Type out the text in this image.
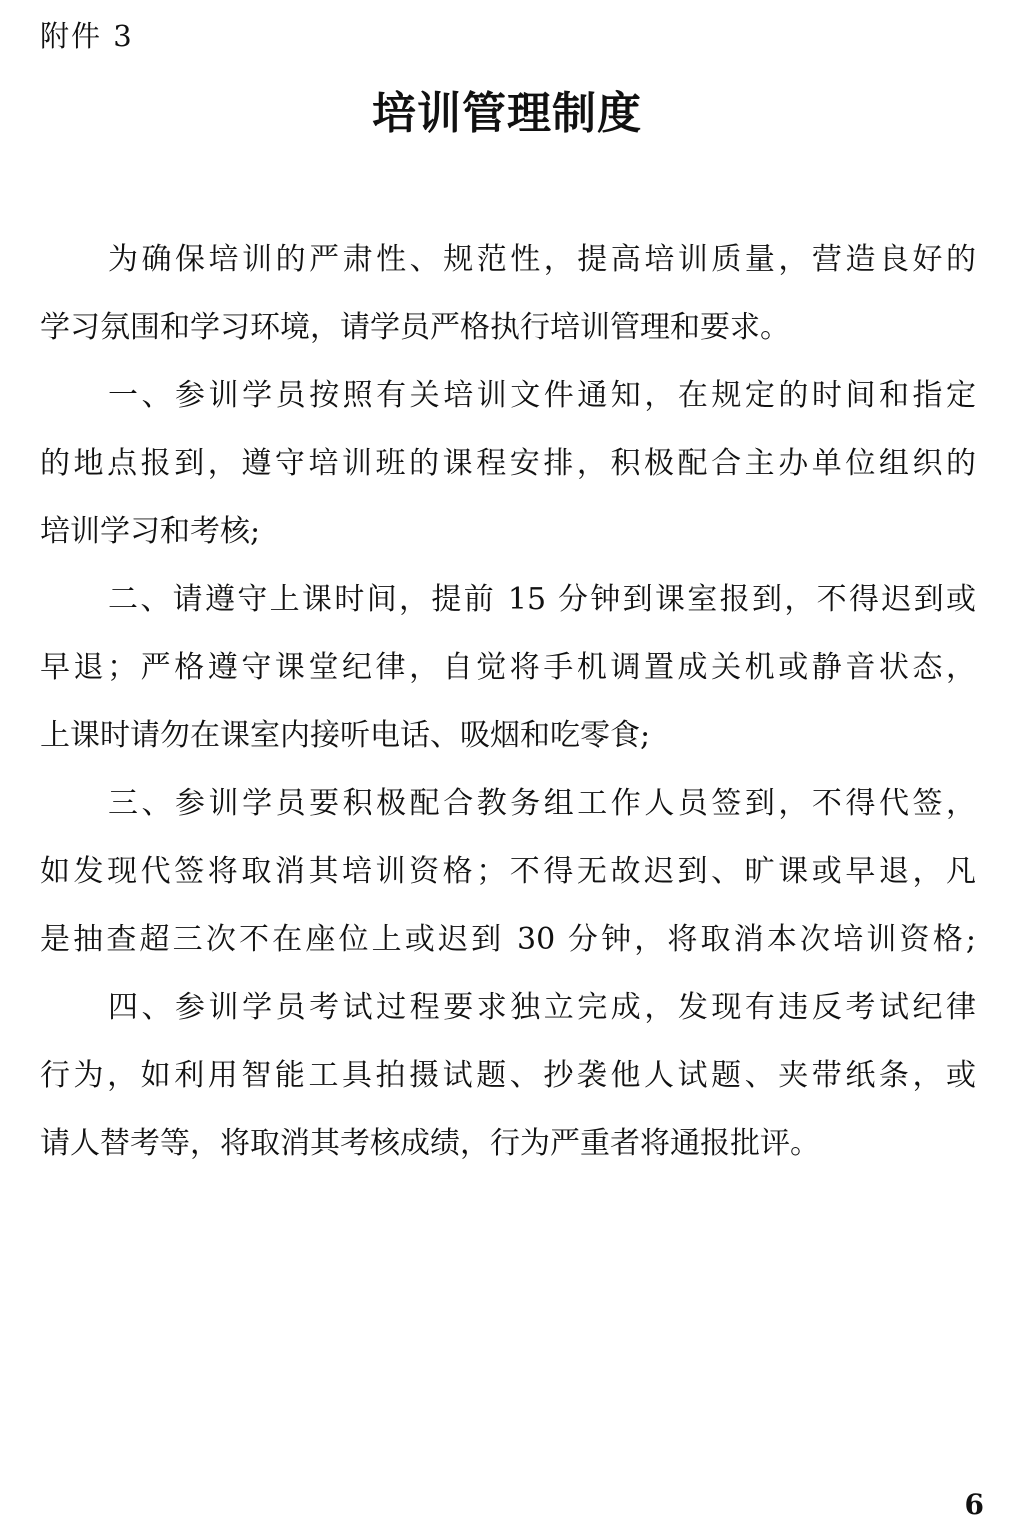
附件 3
培训管理制度
为确保培训的严肃性、规范性，提高培训质量，营造良好的
学习氛围和学习环境，请学员严格执行培训管理和要求。
一、参训学员按照有关培训文件通知，在规定的时间和指定
的地点报到，遵守培训班的课程安排，积极配合主办单位组织的
培训学习和考核;
二、请遵守上课时间，提前 15 分钟到课室报到，不得迟到或
早退；严格遵守课堂纪律，自觉将手机调置成关机或静音状态，
上课时请勿在课室内接听电话、吸烟和吃零食;
三、参训学员要积极配合教务组工作人员签到，不得代签，
如发现代签将取消其培训资格；不得无故迟到、旷课或早退，凡
是抽查超三次不在座位上或迟到 30 分钟，将取消本次培训资格;
四、参训学员考试过程要求独立完成，发现有违反考试纪律
行为，如利用智能工具拍摄试题、抄袭他人试题、夹带纸条，或
请人替考等，将取消其考核成绩，行为严重者将通报批评。
6
